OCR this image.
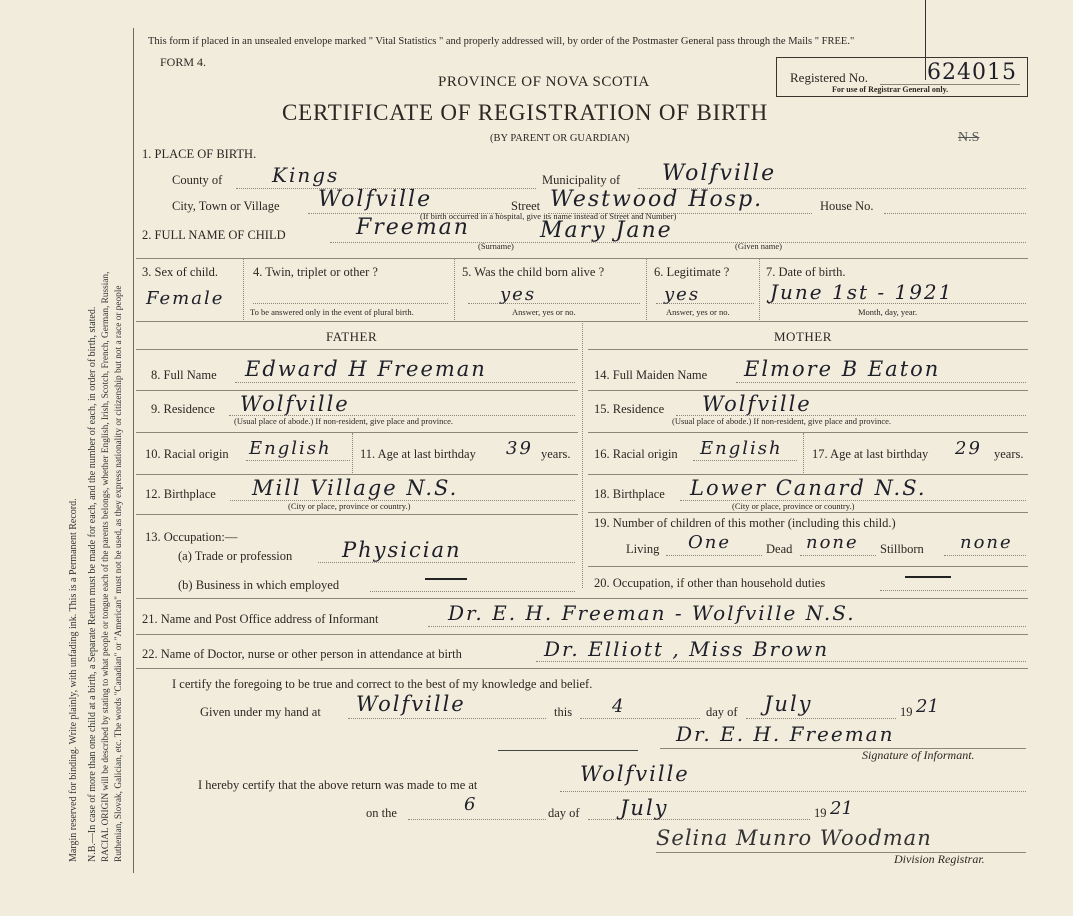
Margin reserved for binding. Write plainly, with unfading ink. This is a Permanent Record. N.B.—In case of more than one child at a birth, a Separate Return must be made for each, and the number of each, in order of birth, stated. RACIAL ORIGIN will be described by stating to what people or tongue each of the parents belongs, whether English, Irish, Scotch, French, German, Russian, Ruthenian, Slovak, Galician, etc. The words "Canadian" or "American" must not be used, as they express nationality or citizenship but not a race or people
This form if placed in an unsealed envelope marked " Vital Statistics " and properly addressed will, by order of the Postmaster General pass through the Mails " FREE."
FORM 4.
PROVINCE OF NOVA SCOTIA
CERTIFICATE OF REGISTRATION OF BIRTH
(BY PARENT OR GUARDIAN)
Registered No.	624015
For use of Registrar General only.
N.S
1. PLACE OF BIRTH.
County of Kings	Municipality of Wolfville
City, Town or Village Wolfville	Street Westwood Hosp.	House No.
(If birth occurred in a hospital, give its name instead of Street and Number)
2. FULL NAME OF CHILD	Freeman	Mary Jane
(Surname)	(Given name)
3. Sex of child.
Female
4. Twin, triplet or other ?
To be answered only in the event of plural birth.
5. Was the child born alive ?
yes
Answer, yes or no.
6. Legitimate ?
yes
Answer, yes or no.
7. Date of birth.
June 1st - 1921
Month, day, year.
FATHER	MOTHER
8. Full Name Edward H Freeman
9. Residence Wolfville
(Usual place of abode.) If non-resident, give place and province.
10. Racial origin English 11. Age at last birthday 39 years.
12. Birthplace Mill Village N.S.
(City or place, province or country.)
13. Occupation:—
(a) Trade or profession Physician
(b) Business in which employed
14. Full Maiden Name Elmore B Eaton
15. Residence Wolfville
(Usual place of abode.) If non-resident, give place and province.
16. Racial origin English 17. Age at last birthday 29 years.
18. Birthplace Lower Canard N.S.
(City or place, province or country.)
19. Number of children of this mother (including this child.)
Living One	Dead none Stillborn none
20. Occupation, if other than household duties
21. Name and Post Office address of Informant	Dr. E. H. Freeman - Wolfville N.S.
22. Name of Doctor, nurse or other person in attendance at birth	Dr. Elliott , Miss Brown
I certify the foregoing to be true and correct to the best of my knowledge and belief.
Given under my hand at Wolfville	this 4	day of July	19 21
Dr. E. H. Freeman
Signature of Informant.
I hereby certify that the above return was made to me at	Wolfville
on the	6	day of July	19 21
Selina Munro Woodman
Division Registrar.
